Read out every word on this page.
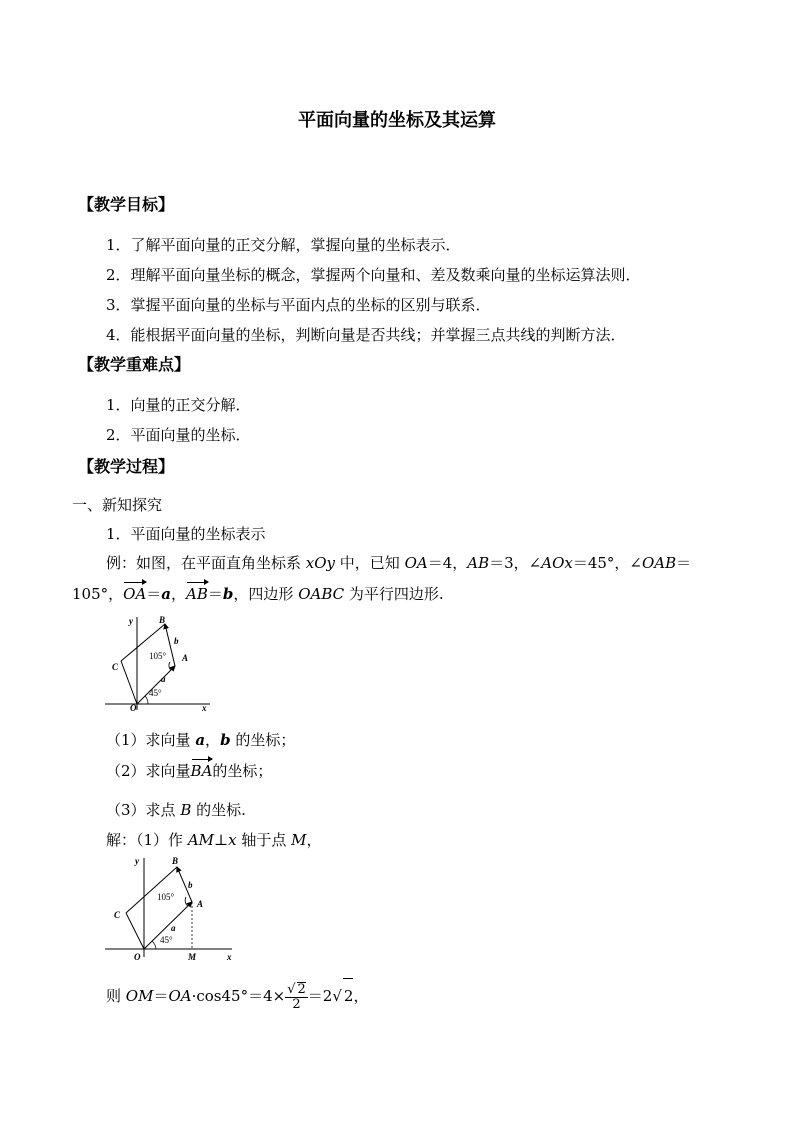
平面向量的坐标及其运算
【教学目标】
1．了解平面向量的正交分解，掌握向量的坐标表示．
2．理解平面向量坐标的概念，掌握两个向量和、差及数乘向量的坐标运算法则．
3．掌握平面向量的坐标与平面内点的坐标的区别与联系．
4．能根据平面向量的坐标，判断向量是否共线；并掌握三点共线的判断方法．
【教学重难点】
1．向量的正交分解．
2．平面向量的坐标．
【教学过程】
一、新知探究
1．平面向量的坐标表示
例：如图，在平面直角坐标系 xOy 中，已知 OA＝4，AB＝3，∠AOx＝45°，∠OAB＝
105°，OA＝a，AB＝b，四边形 OABC 为平行四边形.
y
x
O
B
C
A
b
a
105°
45°
（1）求向量 a，b 的坐标；
（2）求向量BA的坐标；
（3）求点 B 的坐标.
解：（1）作 AM⊥x 轴于点 M，
y
x
O	M
B
C
A
b
a
105°
45°
则 $OM=OA\cdot\cos 45^\circ=4\times \frac{√ 2}{2} =2√$ 2，
